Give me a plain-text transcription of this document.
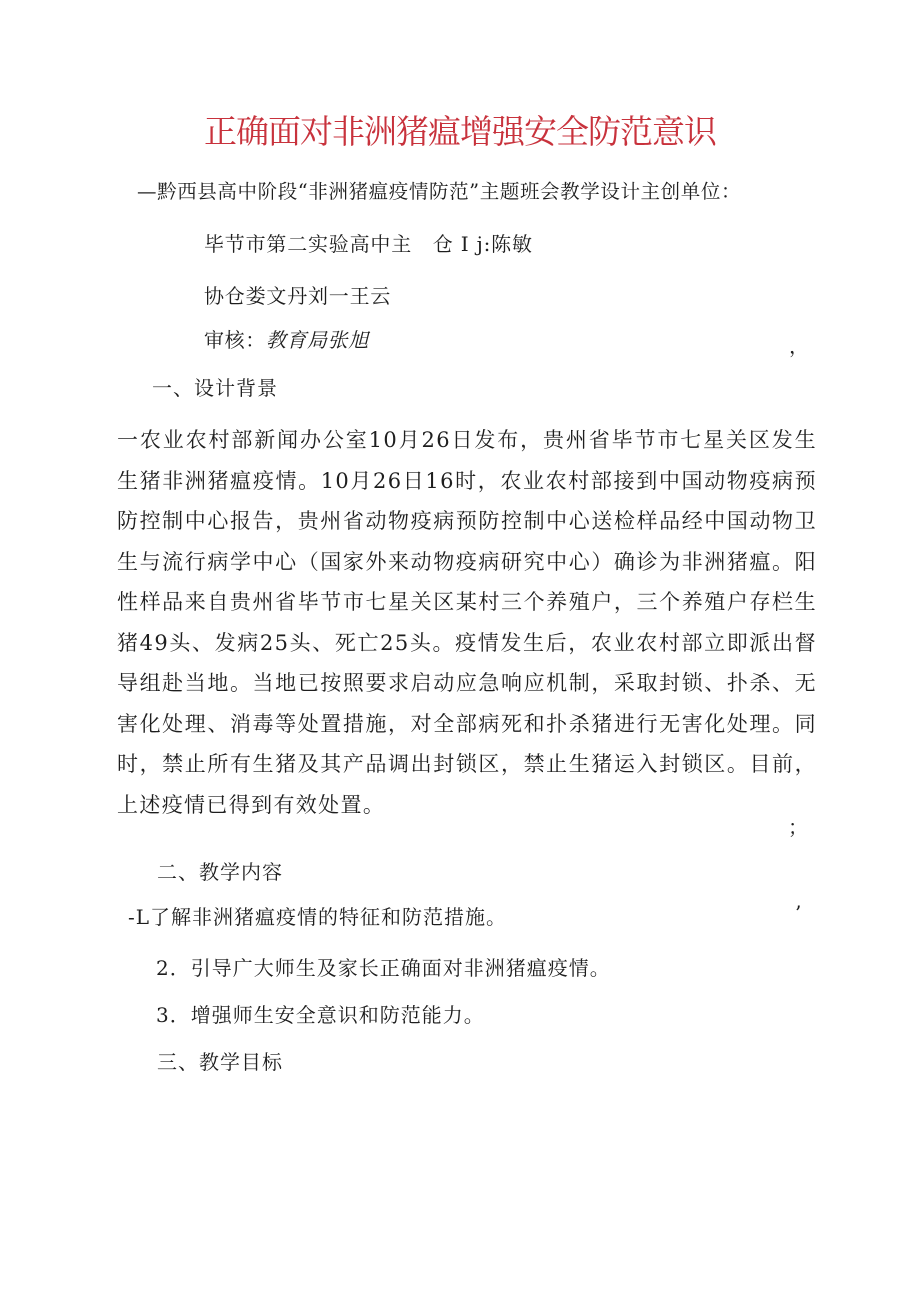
正确面对非洲猪瘟增强安全防范意识
—黔西县高中阶段“非洲猪瘟疫情防范”主题班会教学设计主创单位：
毕节市第二实验高中主　仓 I j:陈敏
协仓娄文丹刘一王云
审核：教育局张旭	，
一、设计背景

一农业农村部新闻办公室10月26日发布，贵州省毕节市七星关区发生生猪非洲猪瘟疫情。10月26日16时，农业农村部接到中国动物疫病预防控制中心报告，贵州省动物疫病预防控制中心送检样品经中国动物卫生与流行病学中心（国家外来动物疫病研究中心）确诊为非洲猪瘟。阳性样品来自贵州省毕节市七星关区某村三个养殖户，三个养殖户存栏生猪49头、发病25头、死亡25头。疫情发生后，农业农村部立即派出督导组赴当地。当地已按照要求启动应急响应机制，采取封锁、扑杀、无害化处理、消毒等处置措施，对全部病死和扑杀猪进行无害化处理。同时，禁止所有生猪及其产品调出封锁区，禁止生猪运入封锁区。目前，上述疫情已得到有效处置。

；
二、教学内容
-L了解非洲猪瘟疫情的特征和防范措施。	’
2．引导广大师生及家长正确面对非洲猪瘟疫情。
3．增强师生安全意识和防范能力。
三、教学目标
